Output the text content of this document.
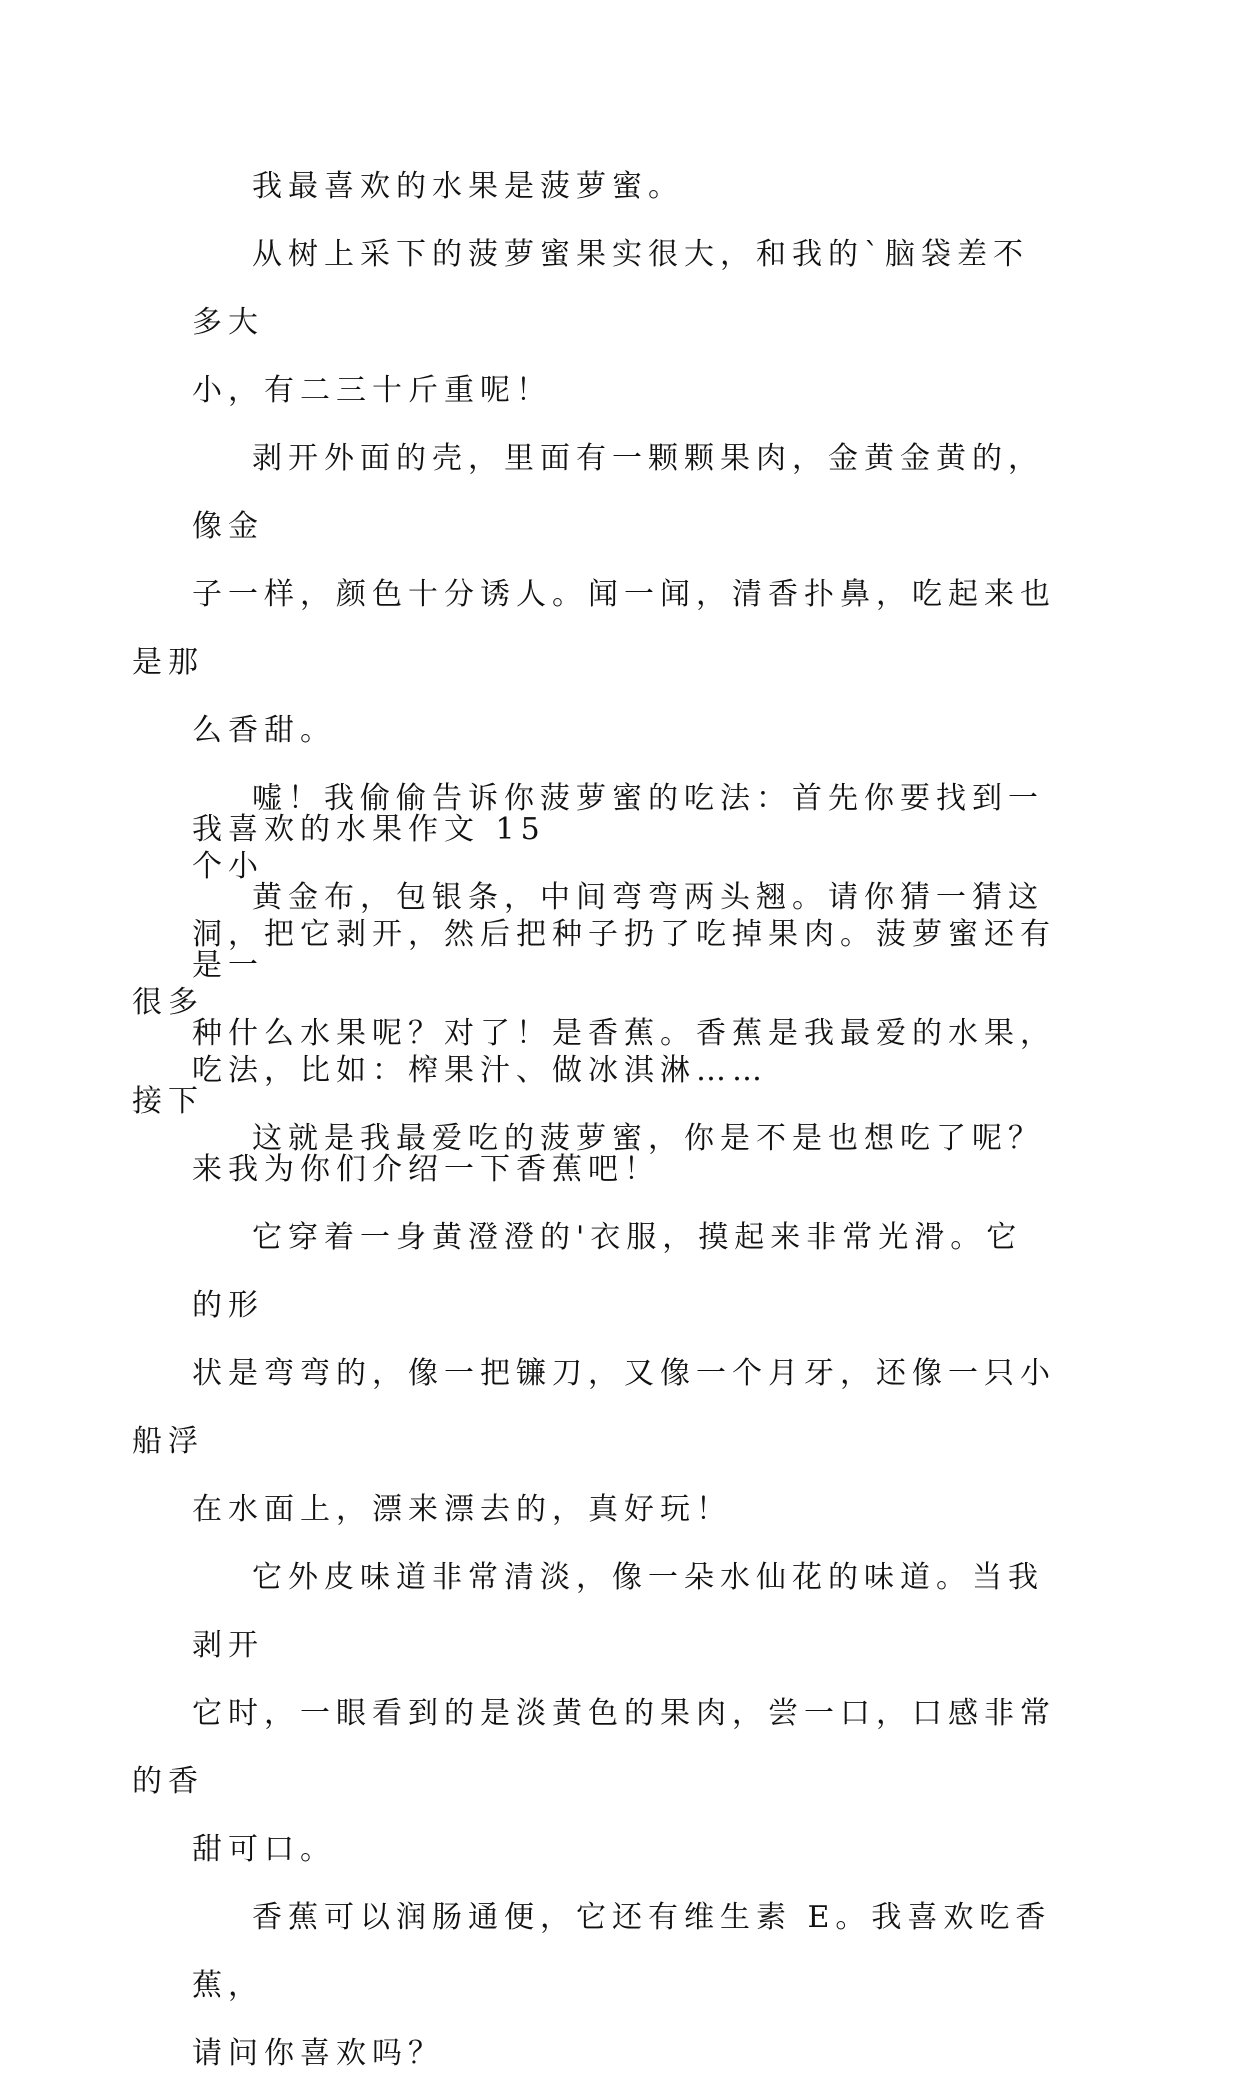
我最喜欢的水果是菠萝蜜。

从树上采下的菠萝蜜果实很大，和我的`脑袋差不多大
小，有二三十斤重呢！

剥开外面的壳，里面有一颗颗果肉，金黄金黄的，像金
子一样，颜色十分诱人。闻一闻，清香扑鼻，吃起来也是那
么香甜。

嘘！我偷偷告诉你菠萝蜜的吃法：首先你要找到一个小
洞，把它剥开，然后把种子扔了吃掉果肉。菠萝蜜还有很多
吃法，比如：榨果汁、做冰淇淋……

这就是我最爱吃的菠萝蜜，你是不是也想吃了呢？

我喜欢的水果作文 15

黄金布，包银条，中间弯弯两头翘。请你猜一猜这是一
种什么水果呢？对了！是香蕉。香蕉是我最爱的水果，接下
来我为你们介绍一下香蕉吧！

它穿着一身黄澄澄的'衣服，摸起来非常光滑。它的形
状是弯弯的，像一把镰刀，又像一个月牙，还像一只小船浮
在水面上，漂来漂去的，真好玩！

它外皮味道非常清淡，像一朵水仙花的味道。当我剥开
它时，一眼看到的是淡黄色的果肉，尝一口，口感非常的香
甜可口。

香蕉可以润肠通便，它还有维生素 E。我喜欢吃香蕉，
请问你喜欢吗？
